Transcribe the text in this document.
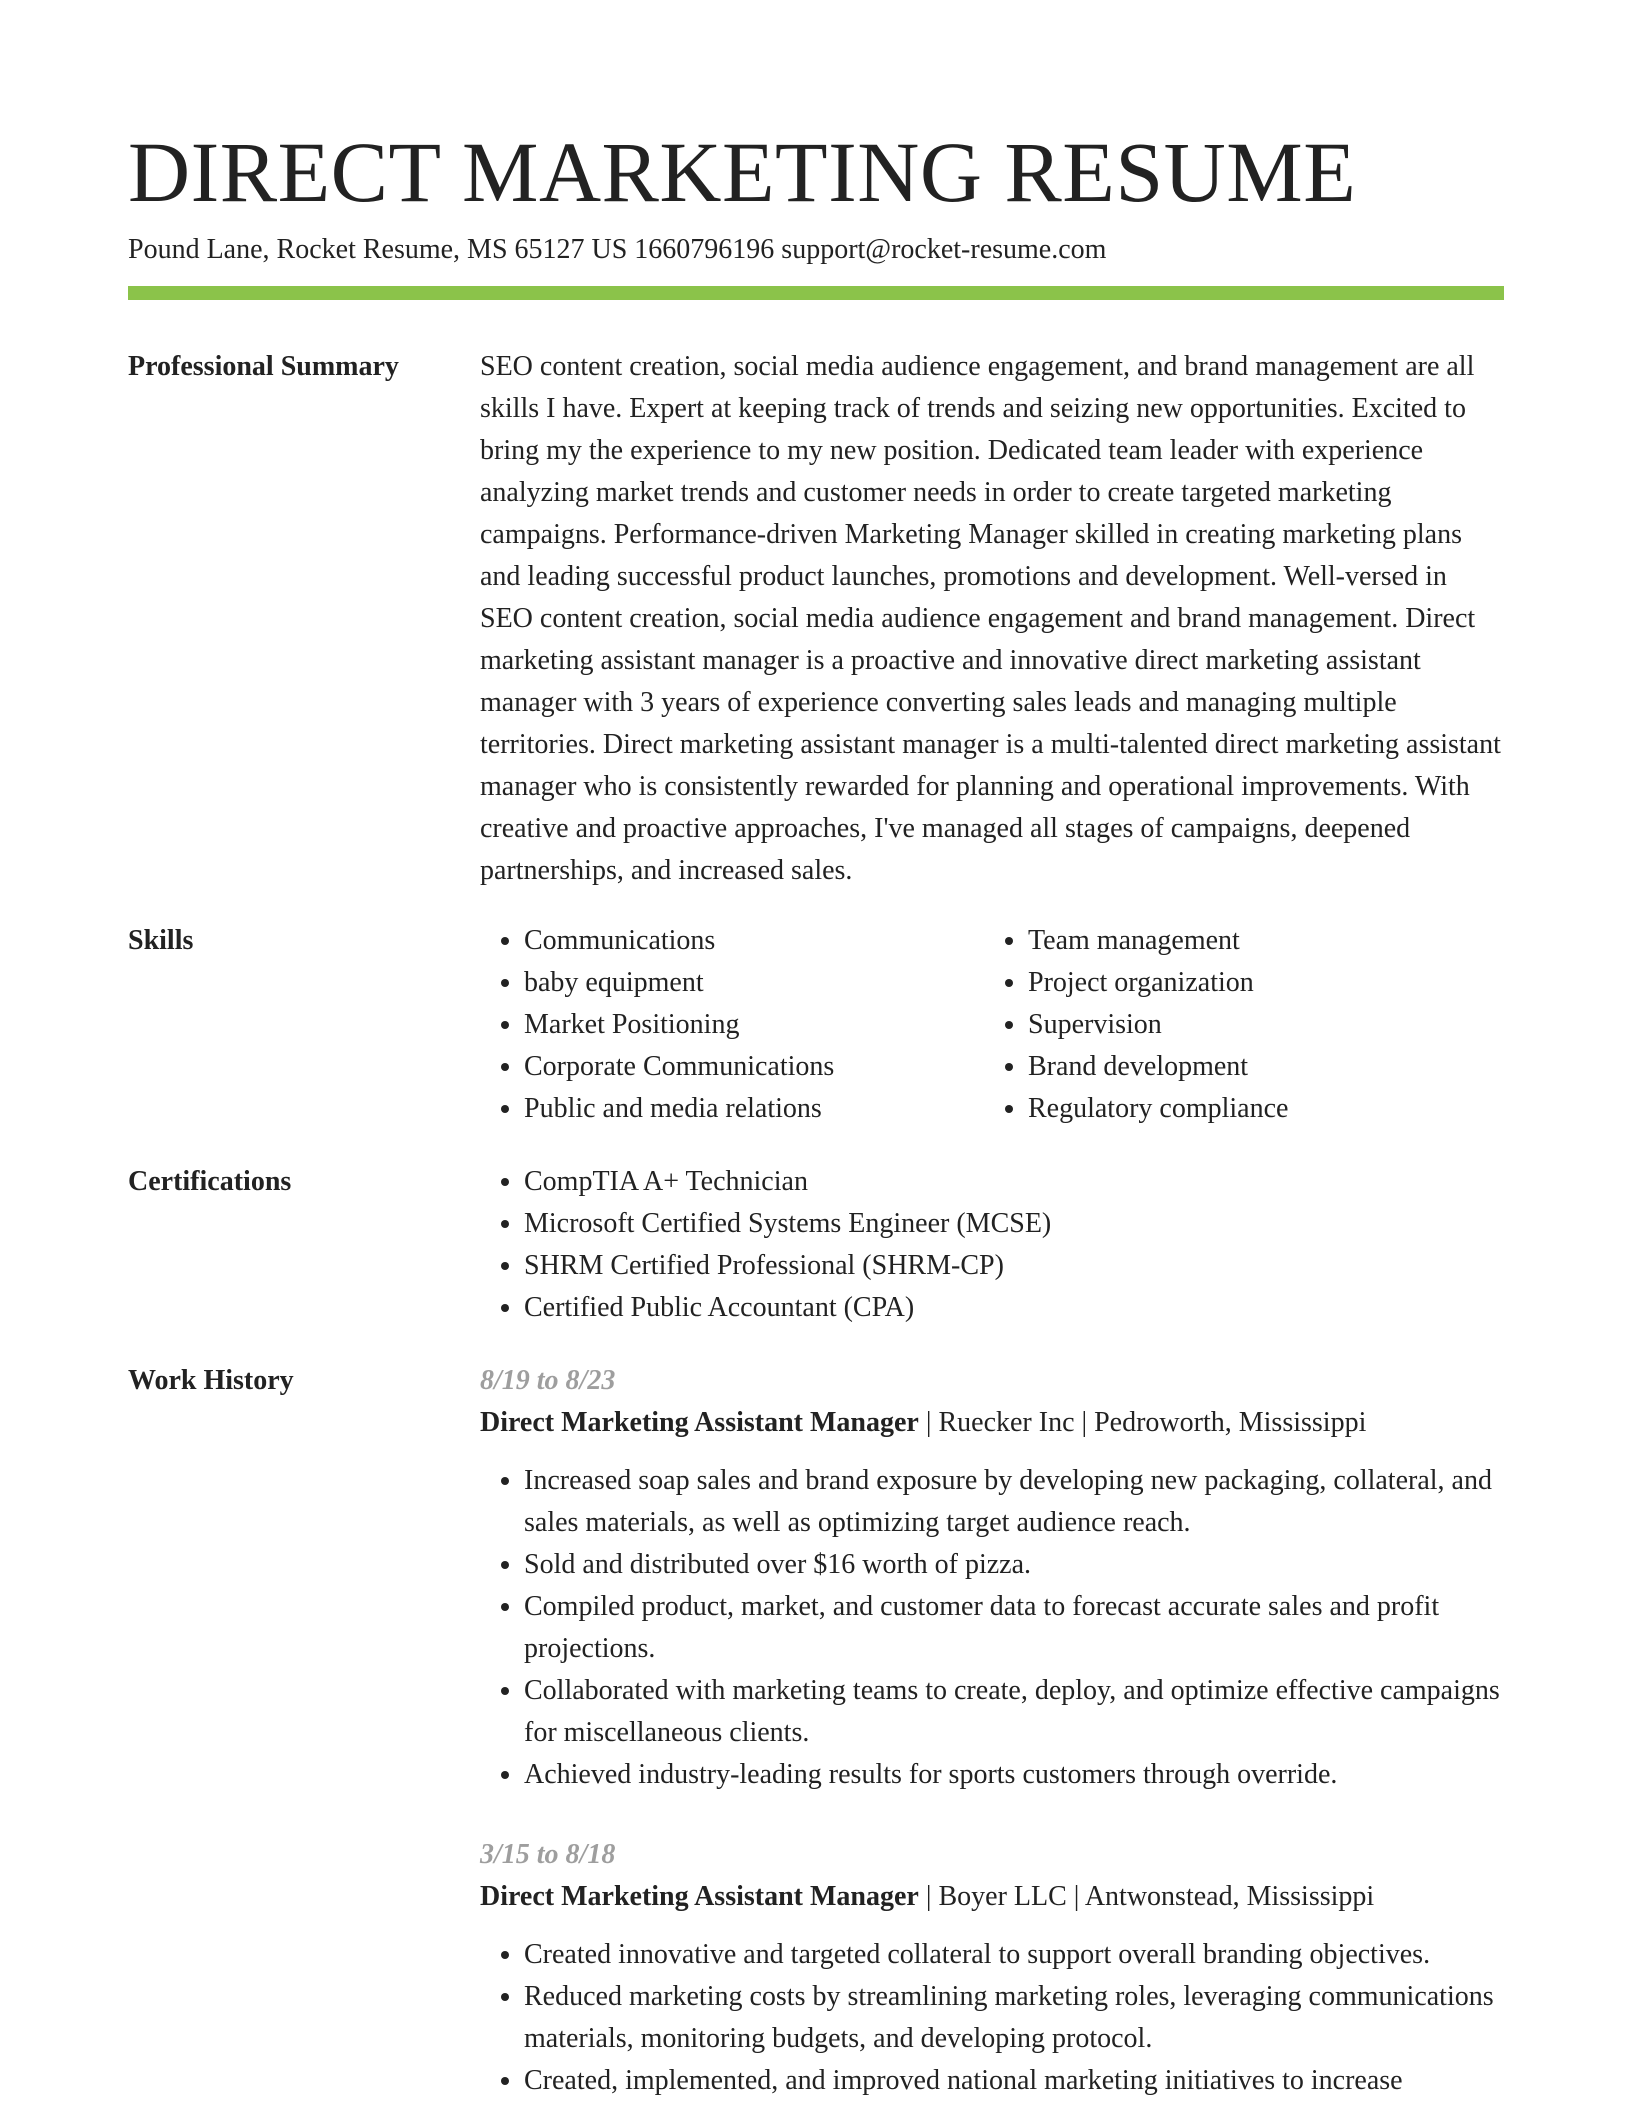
DIRECT MARKETING RESUME
Pound Lane, Rocket Resume, MS 65127 US 1660796196 support@rocket-resume.com
Professional Summary	SEO content creation, social media audience engagement, and brand management are all skills I have. Expert at keeping track of trends and seizing new opportunities. Excited to bring my the experience to my new position. Dedicated team leader with experience analyzing market trends and customer needs in order to create targeted marketing campaigns. Performance-driven Marketing Manager skilled in creating marketing plans and leading successful product launches, promotions and development. Well-versed in SEO content creation, social media audience engagement and brand management. Direct marketing assistant manager is a proactive and innovative direct marketing assistant manager with 3 years of experience converting sales leads and managing multiple territories. Direct marketing assistant manager is a multi-talented direct marketing assistant manager who is consistently rewarded for planning and operational improvements. With creative and proactive approaches, I've managed all stages of campaigns, deepened partnerships, and increased sales.

Skills	• Communications
• baby equipment
• Market Positioning
• Corporate Communications
• Public and media relations
• Team management
• Project organization
• Supervision
• Brand development
• Regulatory compliance
Certifications	• CompTIA A+ Technician
• Microsoft Certified Systems Engineer (MCSE)
• SHRM Certified Professional (SHRM-CP)
• Certified Public Accountant (CPA)
Work History	8/19 to 8/23
Direct Marketing Assistant Manager | Ruecker Inc | Pedroworth, Mississippi
• Increased soap sales and brand exposure by developing new packaging, collateral, and sales materials, as well as optimizing target audience reach.
• Sold and distributed over $16 worth of pizza.
• Compiled product, market, and customer data to forecast accurate sales and profit projections.
• Collaborated with marketing teams to create, deploy, and optimize effective campaigns for miscellaneous clients.
• Achieved industry-leading results for sports customers through override.
3/15 to 8/18
Direct Marketing Assistant Manager | Boyer LLC | Antwonstead, Mississippi
• Created innovative and targeted collateral to support overall branding objectives.
• Reduced marketing costs by streamlining marketing roles, leveraging communications materials, monitoring budgets, and developing protocol.
• Created, implemented, and improved national marketing initiatives to increase
